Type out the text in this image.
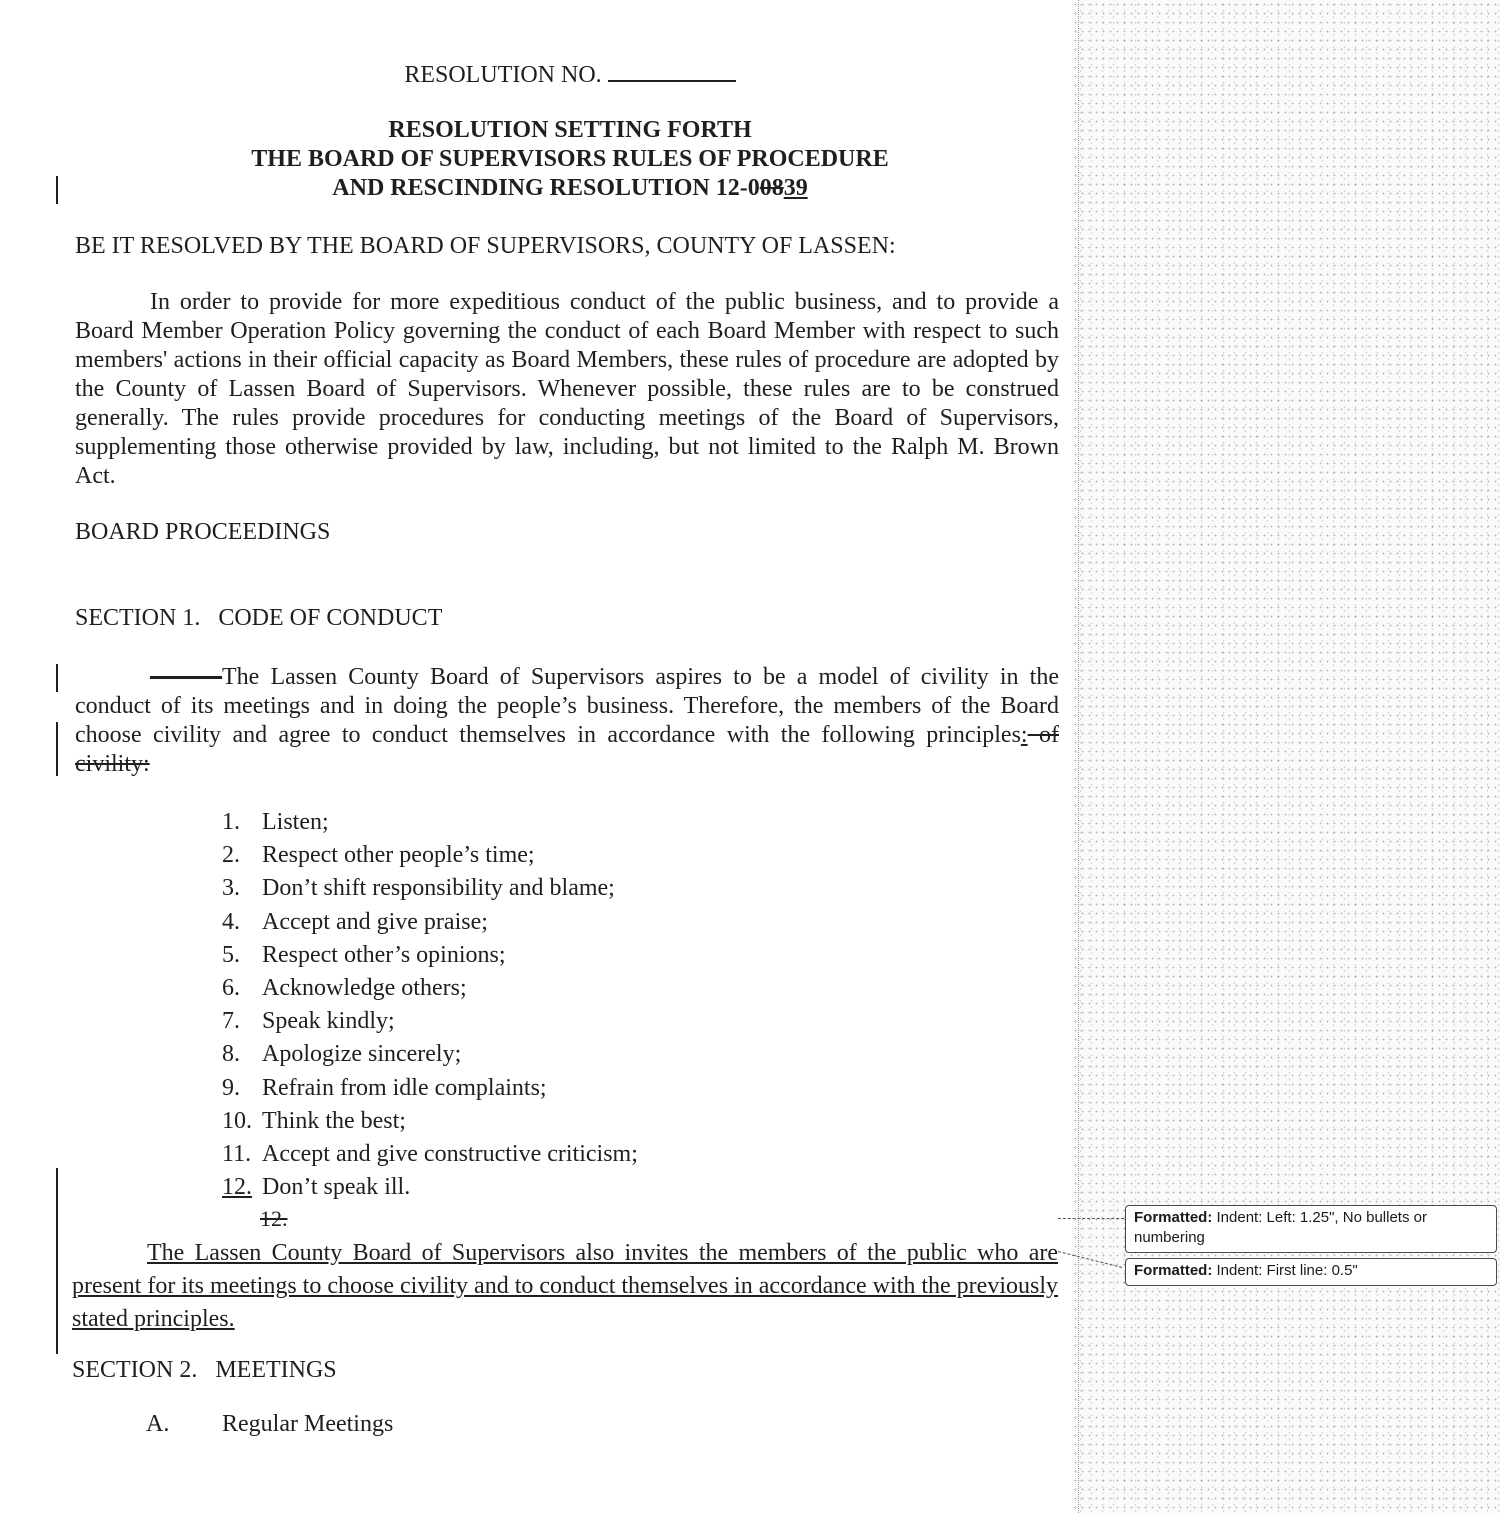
RESOLUTION NO.
RESOLUTION SETTING FORTH
THE BOARD OF SUPERVISORS RULES OF PROCEDURE
AND RESCINDING RESOLUTION 12-00839
BE IT RESOLVED BY THE BOARD OF SUPERVISORS, COUNTY OF LASSEN:
In order to provide for more expeditious conduct of the public business, and to provide a Board Member Operation Policy governing the conduct of each Board Member with respect to such members' actions in their official capacity as Board Members, these rules of procedure are adopted by the County of Lassen Board of Supervisors. Whenever possible, these rules are to be construed generally. The rules provide procedures for conducting meetings of the Board of Supervisors, supplementing those otherwise provided by law, including, but not limited to the Ralph M. Brown Act.
BOARD PROCEEDINGS
SECTION 1.   CODE OF CONDUCT
———The Lassen County Board of Supervisors aspires to be a model of civility in the conduct of its meetings and in doing the people’s business. Therefore, the members of the Board choose civility and agree to conduct themselves in accordance with the following principles: of civility:
1. Listen;
2. Respect other people’s time;
3. Don’t shift responsibility and blame;
4. Accept and give praise;
5. Respect other’s opinions;
6. Acknowledge others;
7. Speak kindly;
8. Apologize sincerely;
9. Refrain from idle complaints;
10. Think the best;
11. Accept and give constructive criticism;
12. Don’t speak ill.
12.
The Lassen County Board of Supervisors also invites the members of the public who are present for its meetings to choose civility and to conduct themselves in accordance with the previously stated principles.
SECTION 2.   MEETINGS
A. Regular Meetings
Formatted: Indent: Left: 1.25", No bullets or numbering
Formatted: Indent: First line: 0.5"
